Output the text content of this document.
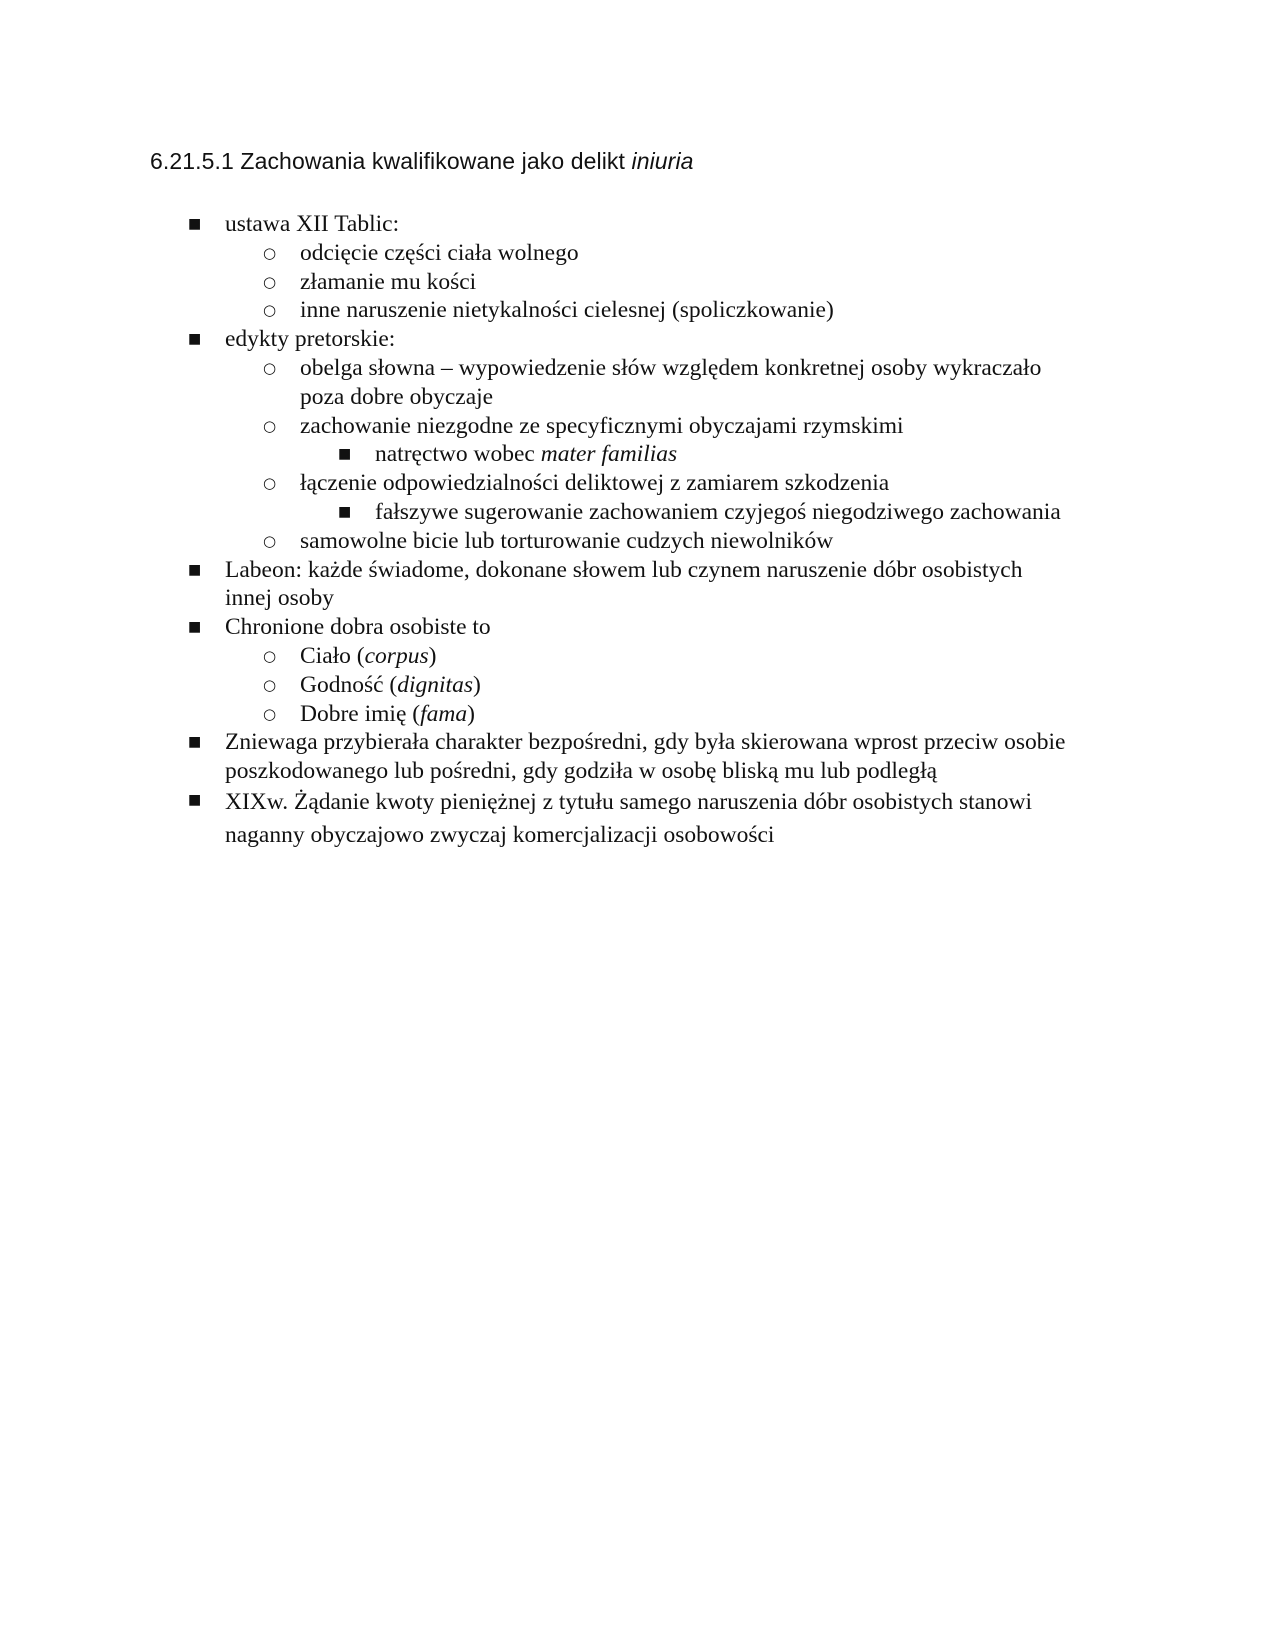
6.21.5.1 Zachowania kwalifikowane jako delikt iniuria
■ ustawa XII Tablic:
○ odcięcie części ciała wolnego
○ złamanie mu kości
○ inne naruszenie nietykalności cielesnej (spoliczkowanie)
■ edykty pretorskie:
○ obelga słowna – wypowiedzenie słów względem konkretnej osoby wykraczało
poza dobre obyczaje
○ zachowanie niezgodne ze specyficznymi obyczajami rzymskimi
■ natręctwo wobec mater familias
○ łączenie odpowiedzialności deliktowej z zamiarem szkodzenia
■ fałszywe sugerowanie zachowaniem czyjegoś niegodziwego zachowania
○ samowolne bicie lub torturowanie cudzych niewolników
■ Labeon: każde świadome, dokonane słowem lub czynem naruszenie dóbr osobistych
innej osoby
■ Chronione dobra osobiste to
○ Ciało (corpus)
○ Godność (dignitas)
○ Dobre imię (fama)
■ Zniewaga przybierała charakter bezpośredni, gdy była skierowana wprost przeciw osobie
poszkodowanego lub pośredni, gdy godziła w osobę bliską mu lub podległą
■ XIXw. Żądanie kwoty pieniężnej z tytułu samego naruszenia dóbr osobistych stanowi
naganny obyczajowo zwyczaj komercjalizacji osobowości
